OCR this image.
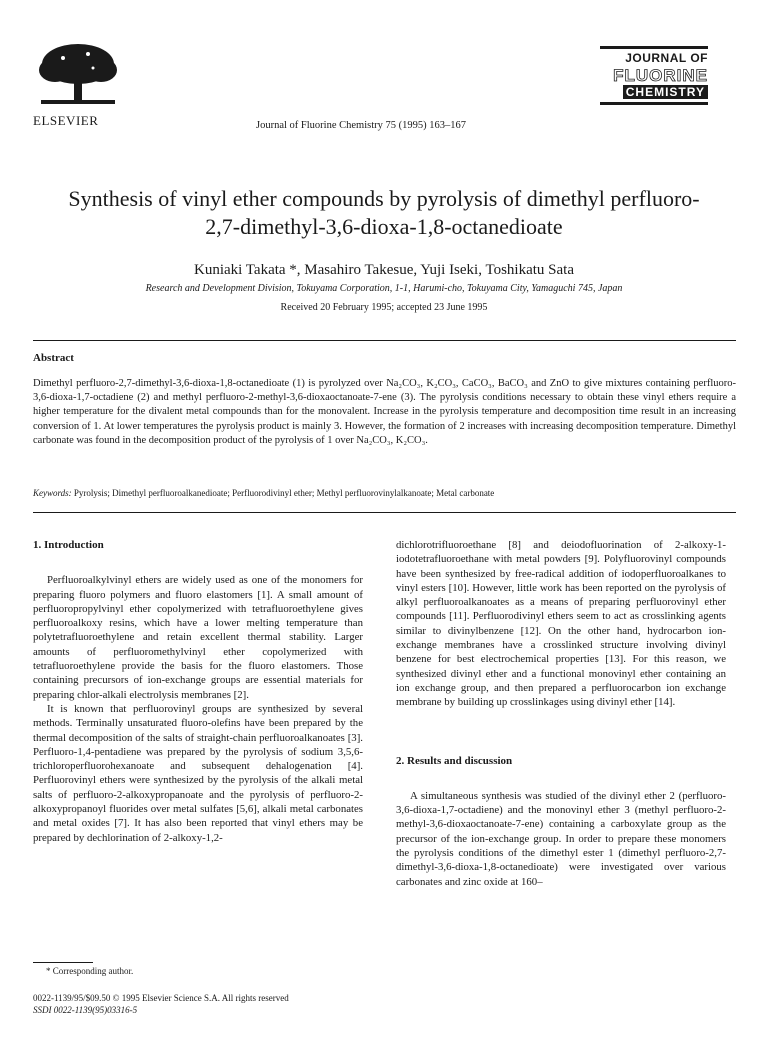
ELSEVIER	Journal of Fluorine Chemistry 75 (1995) 163–167
JOURNAL OF
FLUORINE
CHEMISTRY
Synthesis of vinyl ether compounds by pyrolysis of dimethyl perfluoro-
2,7-dimethyl-3,6-dioxa-1,8-octanedioate
Kuniaki Takata *, Masahiro Takesue, Yuji Iseki, Toshikatu Sata
Research and Development Division, Tokuyama Corporation, 1-1, Harumi-cho, Tokuyama City, Yamaguchi 745, Japan
Received 20 February 1995; accepted 23 June 1995
Abstract
Dimethyl perfluoro-2,7-dimethyl-3,6-dioxa-1,8-octanedioate (1) is pyrolyzed over Na₂CO₃, K₂CO₃, CaCO₃, BaCO₃ and ZnO to give mixtures containing perfluoro-3,6-dioxa-1,7-octadiene (2) and methyl perfluoro-2-methyl-3,6-dioxaoctanoate-7-ene (3). The pyrolysis conditions necessary to obtain these vinyl ethers require a higher temperature for the divalent metal compounds than for the monovalent. Increase in the pyrolysis temperature and decomposition time result in an increasing conversion of 1. At lower temperatures the pyrolysis product is mainly 3. However, the formation of 2 increases with increasing decomposition temperature. Dimethyl carbonate was found in the decomposition product of the pyrolysis of 1 over Na₂CO₃, K₂CO₃.
Keywords: Pyrolysis; Dimethyl perfluoroalkanedioate; Perfluorodivinyl ether; Methyl perfluorovinylalkanoate; Metal carbonate
1. Introduction

Perfluoroalkylvinyl ethers are widely used as one of the monomers for preparing fluoro polymers and fluoro elastomers [1]. A small amount of perfluoropropylvinyl ether copolymerized with tetrafluoroethylene gives perfluoroalkoxy resins, which have a lower melting temperature than polytetrafluoroethylene and retain excellent thermal stability. Larger amounts of perfluoromethylvinyl ether copolymerized with tetrafluoroethylene provide the basis for the fluoro elastomers. Those containing precursors of ion-exchange groups are essential materials for preparing chlor-alkali electrolysis membranes [2].

It is known that perfluorovinyl groups are synthesized by several methods. Terminally unsaturated fluoro-olefins have been prepared by the thermal decomposition of the salts of straight-chain perfluoroalkanoates [3]. Perfluoro-1,4-pentadiene was prepared by the pyrolysis of sodium 3,5,6-trichloroperfluorohexanoate and subsequent dehalogenation [4]. Perfluorovinyl ethers were synthesized by the pyrolysis of the alkali metal salts of perfluoro-2-alkoxypropanoate and the pyrolysis of perfluoro-2-alkoxypropanoyl fluorides over metal sulfates [5,6], alkali metal carbonates and metal oxides [7]. It has also been reported that vinyl ethers may be prepared by dechlorination of 2-alkoxy-1,2-

dichlorotrifluoroethane [8] and deiodofluorination of 2-alkoxy-1-iodotetrafluoroethane with metal powders [9]. Polyfluorovinyl compounds have been synthesized by free-radical addition of iodoperfluoroalkanes to vinyl esters [10]. However, little work has been reported on the pyrolysis of alkyl perfluoroalkanoates as a means of preparing perfluorovinyl ether compounds [11]. Perfluorodivinyl ethers seem to act as crosslinking agents similar to divinylbenzene [12]. On the other hand, hydrocarbon ion-exchange membranes have a crosslinked structure involving divinyl benzene for best electrochemical properties [13]. For this reason, we synthesized divinyl ether and a functional monovinyl ether containing an ion exchange group, and then prepared a perfluorocarbon ion exchange membrane by building up crosslinkages using divinyl ether [14].

2. Results and discussion

A simultaneous synthesis was studied of the divinyl ether 2 (perfluoro-3,6-dioxa-1,7-octadiene) and the monovinyl ether 3 (methyl perfluoro-2-methyl-3,6-dioxaoctanoate-7-ene) containing a carboxylate group as the precursor of the ion-exchange group. In order to prepare these monomers the pyrolysis conditions of the dimethyl ester 1 (dimethyl perfluoro-2,7-dimethyl-3,6-dioxa-1,8-octanedioate) were investigated over various carbonates and zinc oxide at 160–

* Corresponding author.
0022-1139/95/$09.50 © 1995 Elsevier Science S.A. All rights reserved
SSDI 0022-1139(95)03316-5
